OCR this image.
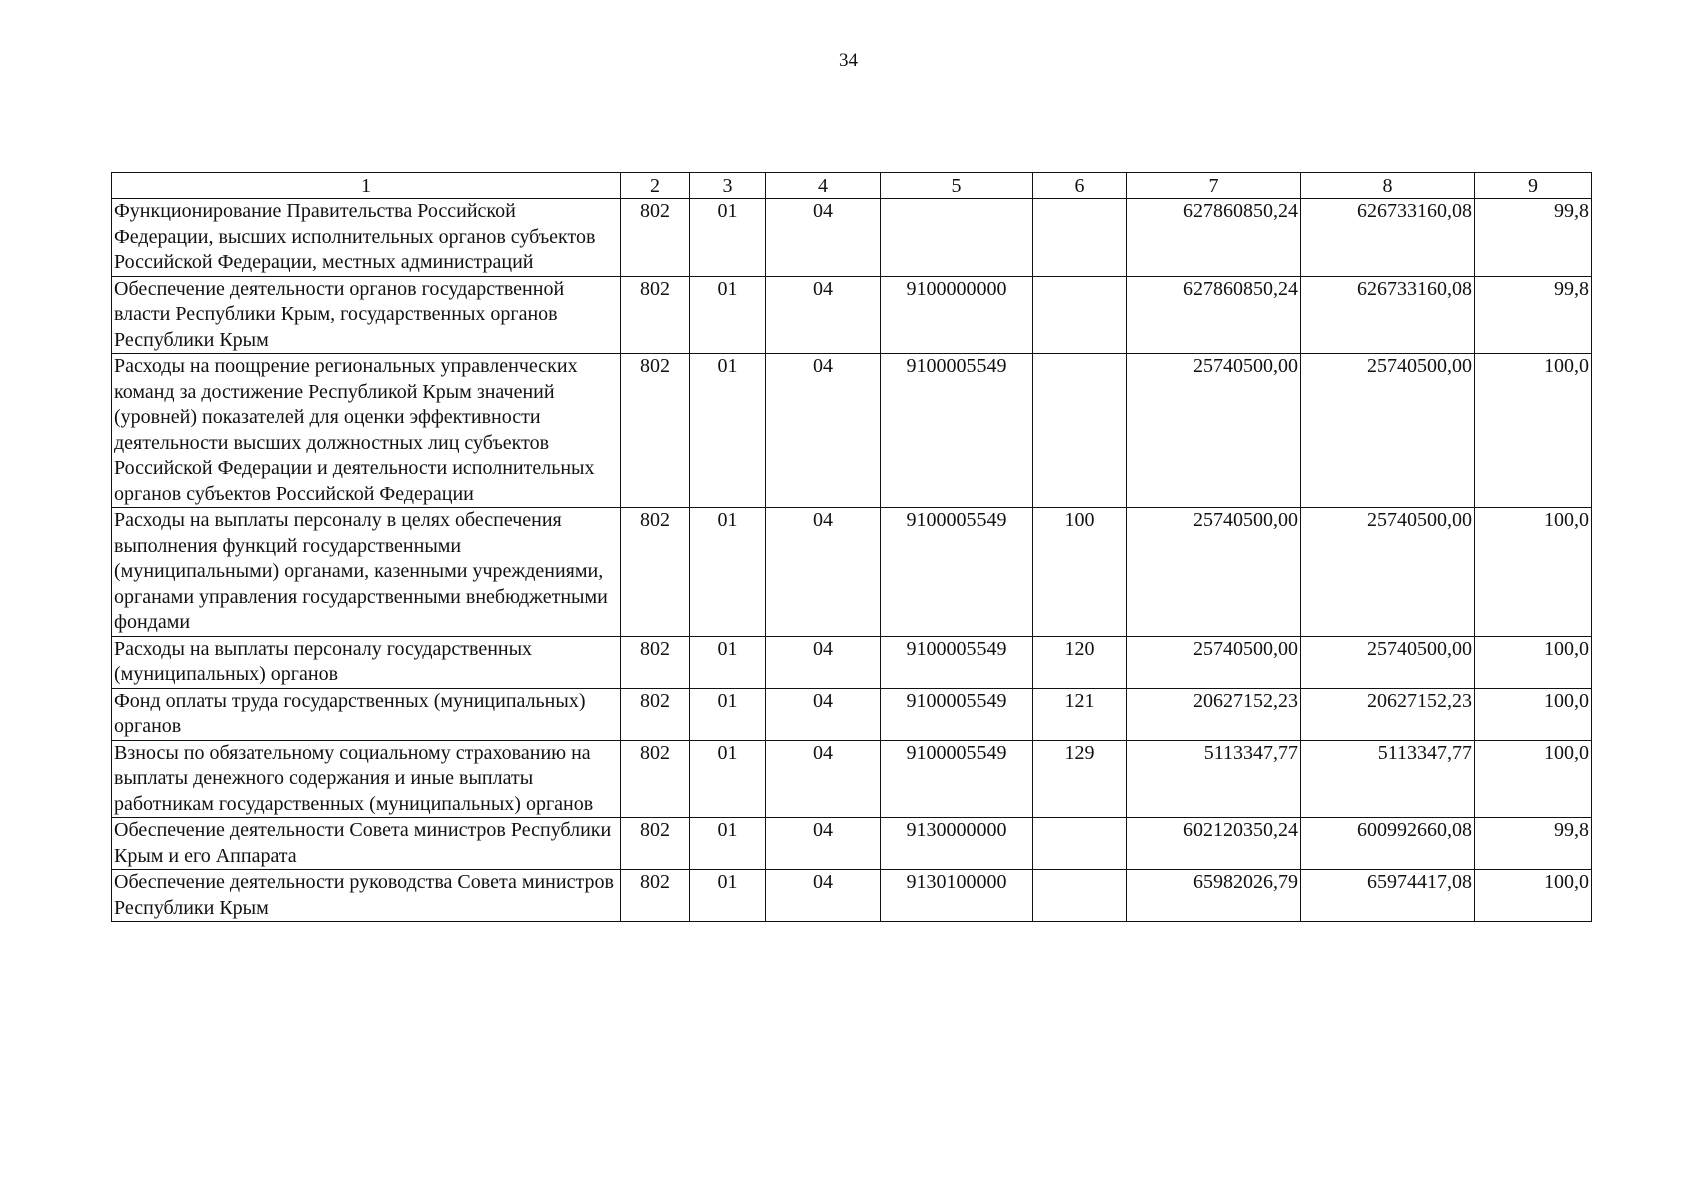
34
1	2	3	4	5	6	7	8	9
Функционирование Правительства Российской Федерации, высших исполнительных органов субъектов Российской Федерации, местных администраций	802	01	04			627860850,24	626733160,08	99,8
Обеспечение деятельности органов государственной власти Республики Крым, государственных органов Республики Крым	802	01	04	9100000000		627860850,24	626733160,08	99,8
Расходы на поощрение региональных управленческих команд за достижение Республикой Крым значений (уровней) показателей для оценки эффективности деятельности высших должностных лиц субъектов Российской Федерации и деятельности исполнительных органов субъектов Российской Федерации	802	01	04	9100005549		25740500,00	25740500,00	100,0
Расходы на выплаты персоналу в целях обеспечения выполнения функций государственными (муниципальными) органами, казенными учреждениями, органами управления государственными внебюджетными фондами	802	01	04	9100005549	100	25740500,00	25740500,00	100,0
Расходы на выплаты персоналу государственных (муниципальных) органов	802	01	04	9100005549	120	25740500,00	25740500,00	100,0
Фонд оплаты труда государственных (муниципальных) органов	802	01	04	9100005549	121	20627152,23	20627152,23	100,0
Взносы по обязательному социальному страхованию на выплаты денежного содержания и иные выплаты работникам государственных (муниципальных) органов	802	01	04	9100005549	129	5113347,77	5113347,77	100,0
Обеспечение деятельности Совета министров Республики Крым и его Аппарата	802	01	04	9130000000		602120350,24	600992660,08	99,8
Обеспечение деятельности руководства Совета министров Республики Крым	802	01	04	9130100000		65982026,79	65974417,08	100,0
